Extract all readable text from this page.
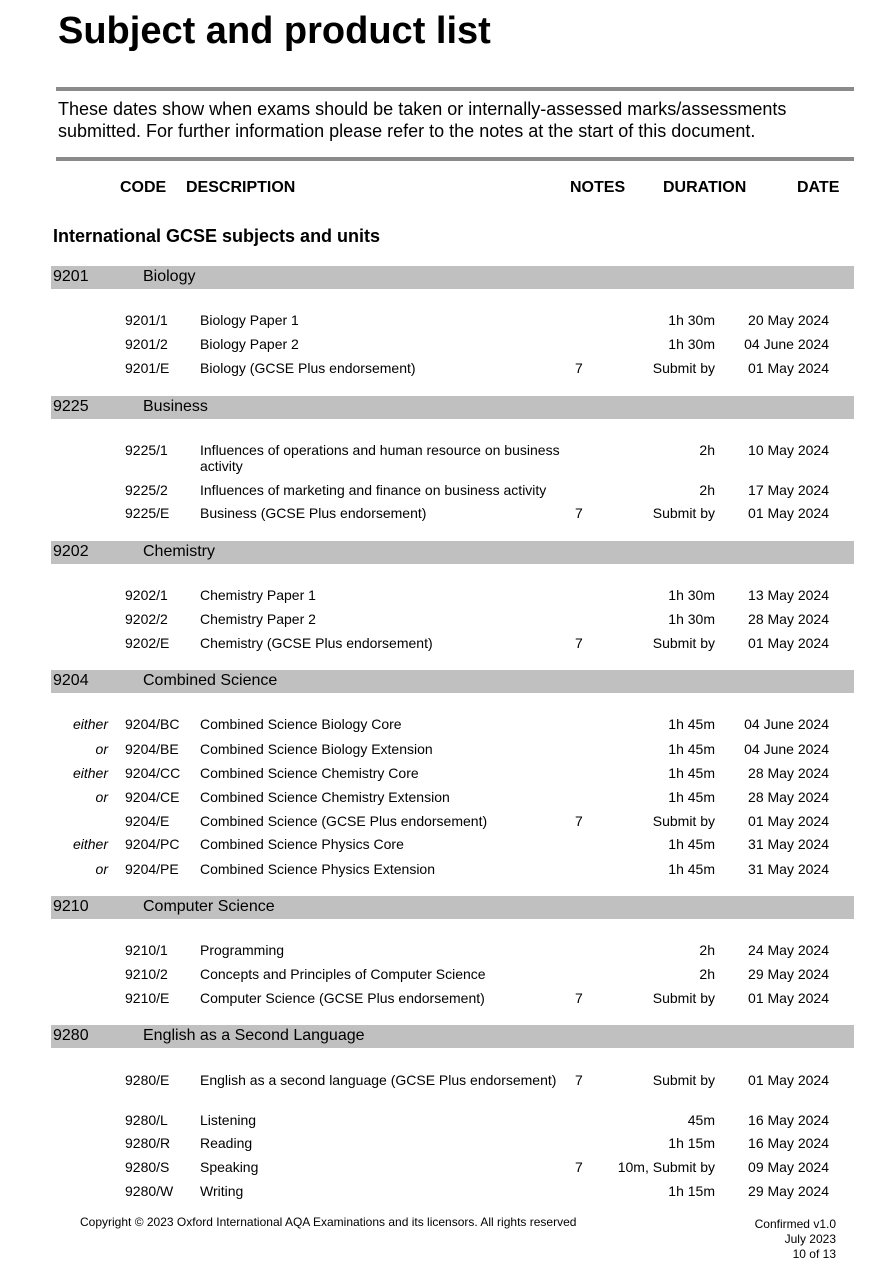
Subject and product list
These dates show when exams should be taken or internally-assessed marks/assessments submitted. For further information please refer to the notes at the start of this document.
CODE DESCRIPTION	NOTES DURATION	DATE
International GCSE subjects and units
9201	Biology
9201/1 Biology Paper 1	1h 30m 20 May 2024
9201/2 Biology Paper 2	1h 30m 04 June 2024
9201/E Biology (GCSE Plus endorsement)	7	Submit by 01 May 2024
9225	Business
9225/1 Influences of operations and human resource on business activity
2h 10 May 2024
9225/2 Influences of marketing and finance on business activity	2h 17 May 2024
9225/E Business (GCSE Plus endorsement)	7	Submit by 01 May 2024
9202	Chemistry
9202/1 Chemistry Paper 1	1h 30m 13 May 2024
9202/2 Chemistry Paper 2	1h 30m 28 May 2024
9202/E Chemistry (GCSE Plus endorsement)	7	Submit by 01 May 2024
9204	Combined Science
either 9204/BC Combined Science Biology Core	1h 45m 04 June 2024
or 9204/BE Combined Science Biology Extension	1h 45m 04 June 2024
either 9204/CC Combined Science Chemistry Core	1h 45m 28 May 2024
or 9204/CE Combined Science Chemistry Extension	1h 45m 28 May 2024
9204/E Combined Science (GCSE Plus endorsement)	7	Submit by 01 May 2024
either 9204/PC Combined Science Physics Core	1h 45m 31 May 2024
or 9204/PE Combined Science Physics Extension	1h 45m 31 May 2024
9210	Computer Science
9210/1 Programming	2h 24 May 2024
9210/2 Concepts and Principles of Computer Science	2h 29 May 2024
9210/E Computer Science (GCSE Plus endorsement)	7	Submit by 01 May 2024
9280	English as a Second Language
9280/E English as a second language (GCSE Plus endorsement)	7	Submit by 01 May 2024
9280/L Listening	45m 16 May 2024
9280/R Reading	1h 15m 16 May 2024
9280/S Speaking	7 10m, Submit by 09 May 2024
9280/W Writing	1h 15m 29 May 2024
Copyright © 2023 Oxford International AQA Examinations and its licensors. All rights reserved	Confirmed v1.0
July 2023
10 of 13
